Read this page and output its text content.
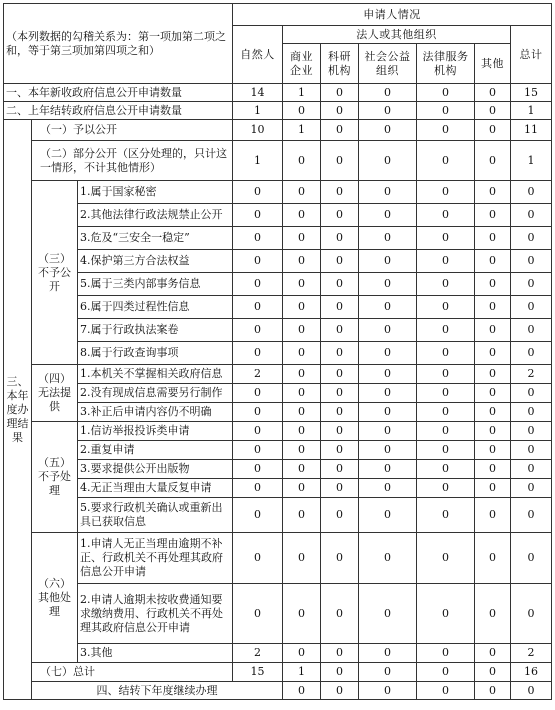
（本列数据的勾稽关系为：第一项加第二项之和，等于第三项加第四项之和）			申请人情况							
			自然人	法人或其他组织					总计	
				商业企业	科研机构	社会公益组织	法律服务机构	其他		
一、本年新收政府信息公开申请数量			14	1	0	0	0	0	15	
二、上年结转政府信息公开申请数量			1	0	0	0	0	0	1	
三、本年度办理结果	（一）予以公开		10	1	0	0	0	0	11	
	（二）部分公开（区分处理的，只计这一情形，不计其他情形）		1	0	0	0	0	0	1	
	（三）不予公开	1.属于国家秘密	0	0	0	0	0	0	0	
		2.其他法律行政法规禁止公开	0	0	0	0	0	0	0	
		3.危及“三安全一稳定”	0	0	0	0	0	0	0	
		4.保护第三方合法权益	0	0	0	0	0	0	0	
		5.属于三类内部事务信息	0	0	0	0	0	0	0	
		6.属于四类过程性信息	0	0	0	0	0	0	0	
		7.属于行政执法案卷	0	0	0	0	0	0	0	
		8.属于行政查询事项	0	0	0	0	0	0	0	
	（四）无法提供	1.本机关不掌握相关政府信息	2	0	0	0	0	0	2	
		2.没有现成信息需要另行制作	0	0	0	0	0	0	0	
		3.补正后申请内容仍不明确	0	0	0	0	0	0	0	
	（五）不予处理	1.信访举报投诉类申请	0	0	0	0	0	0	0	
		2.重复申请	0	0	0	0	0	0	0	
		3.要求提供公开出版物	0	0	0	0	0	0	0	
		4.无正当理由大量反复申请	0	0	0	0	0	0	0	
		5.要求行政机关确认或重新出具已获取信息	0	0	0	0	0	0	0	
	（六）其他处理	1.申请人无正当理由逾期不补正、行政机关不再处理其政府信息公开申请	0	0	0	0	0	0	0	
		2.申请人逾期未按收费通知要求缴纳费用、行政机关不再处理其政府信息公开申请	0	0	0	0	0	0	0	
		3.其他	2	0	0	0	0	0	2	
	（七）总计		15	1	0	0	0	0	16	
	四、结转下年度继续办理			0	0	0	0	0	0	
